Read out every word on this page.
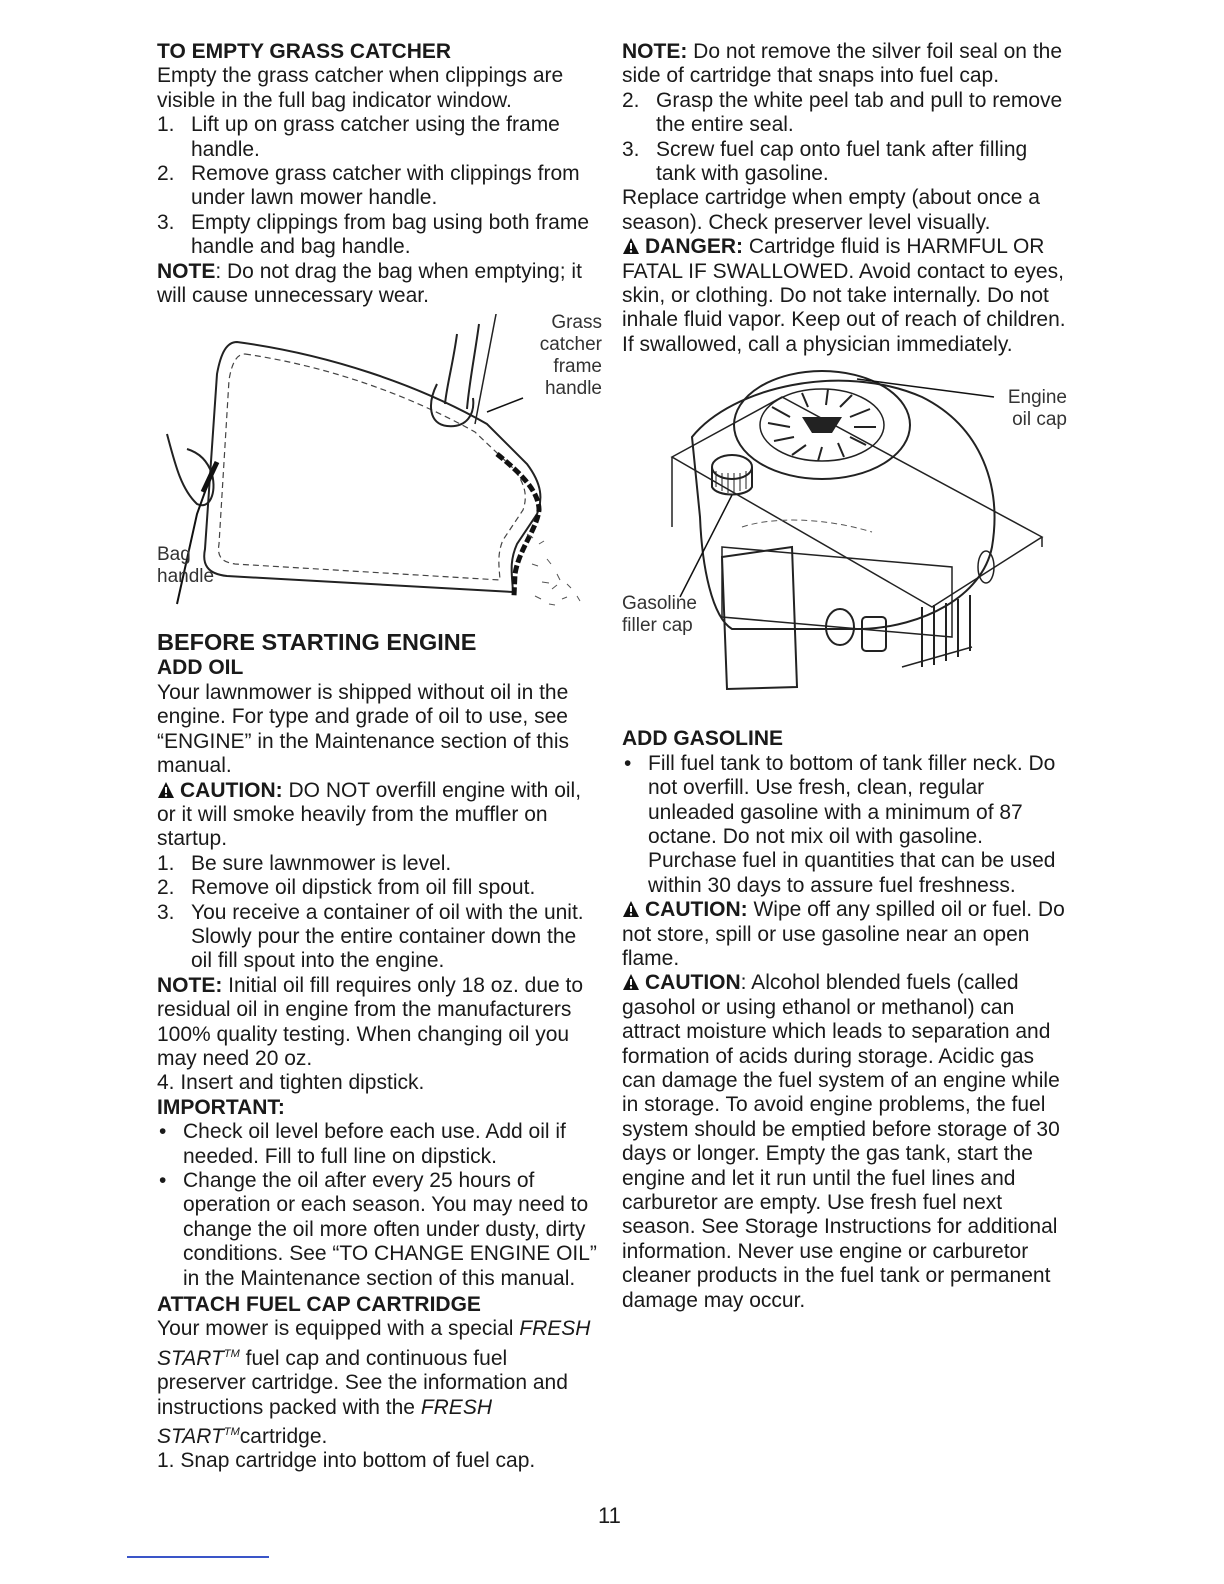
TO EMPTY GRASS CATCHER

Empty the grass catcher when clippings are visible in the full bag indicator window.

1. Lift up on grass catcher using the frame handle.
2. Remove grass catcher with clippings from under lawn mower handle.
3. Empty clippings from bag using both frame handle and bag handle.

NOTE: Do not drag the bag when emptying; it will cause unnecessary wear.

Grass catcher frame handle
Bag handle
BEFORE STARTING ENGINE
ADD OIL

Your lawnmower is shipped without oil in the engine. For type and grade of oil to use, see “ENGINE” in the Maintenance section of this manual.

CAUTION: DO NOT overfill engine with oil, or it will smoke heavily from the muffler on startup.

1. Be sure lawnmower is level.
2. Remove oil dipstick from oil fill spout.
3. You receive a container of oil with the unit. Slowly pour the entire container down the oil fill spout into the engine.

NOTE: Initial oil fill requires only 18 oz. due to residual oil in engine from the manufacturers 100% quality testing. When changing oil you may need 20 oz.

4. Insert and tighten dipstick.

IMPORTANT:

• Check oil level before each use. Add oil if needed. Fill to full line on dipstick.
• Change the oil after every 25 hours of operation or each season. You may need to change the oil more often under dusty, dirty conditions. See “TO CHANGE ENGINE OIL” in the Maintenance section of this manual.
ATTACH FUEL CAP CARTRIDGE

Your mower is equipped with a special FRESH START™ fuel cap and continuous fuel preserver cartridge. See the information and instructions packed with the FRESH START™cartridge.

1. Snap cartridge into bottom of fuel cap.

NOTE: Do not remove the silver foil seal on the side of cartridge that snaps into fuel cap.

2. Grasp the white peel tab and pull to remove the entire seal.
3. Screw fuel cap onto fuel tank after filling tank with gasoline.

Replace cartridge when empty (about once a season). Check preserver level visually.

DANGER: Cartridge fluid is HARMFUL OR FATAL IF SWALLOWED. Avoid contact to eyes, skin, or clothing. Do not take internally. Do not inhale fluid vapor. Keep out of reach of children. If swallowed, call a physician immediately.

Engine oil cap
Gasoline filler cap
ADD GASOLINE
• Fill fuel tank to bottom of tank filler neck. Do not overfill. Use fresh, clean, regular unleaded gasoline with a minimum of 87 octane. Do not mix oil with gasoline. Purchase fuel in quantities that can be used within 30 days to assure fuel freshness.

CAUTION: Wipe off any spilled oil or fuel. Do not store, spill or use gasoline near an open flame.

CAUTION: Alcohol blended fuels (called gasohol or using ethanol or methanol) can attract moisture which leads to separation and formation of acids during storage. Acidic gas can damage the fuel system of an engine while in storage. To avoid engine problems, the fuel system should be emptied before storage of 30 days or longer. Empty the gas tank, start the engine and let it run until the fuel lines and carburetor are empty. Use fresh fuel next season. See Storage Instructions for additional information. Never use engine or carburetor cleaner products in the fuel tank or permanent damage may occur.

11
